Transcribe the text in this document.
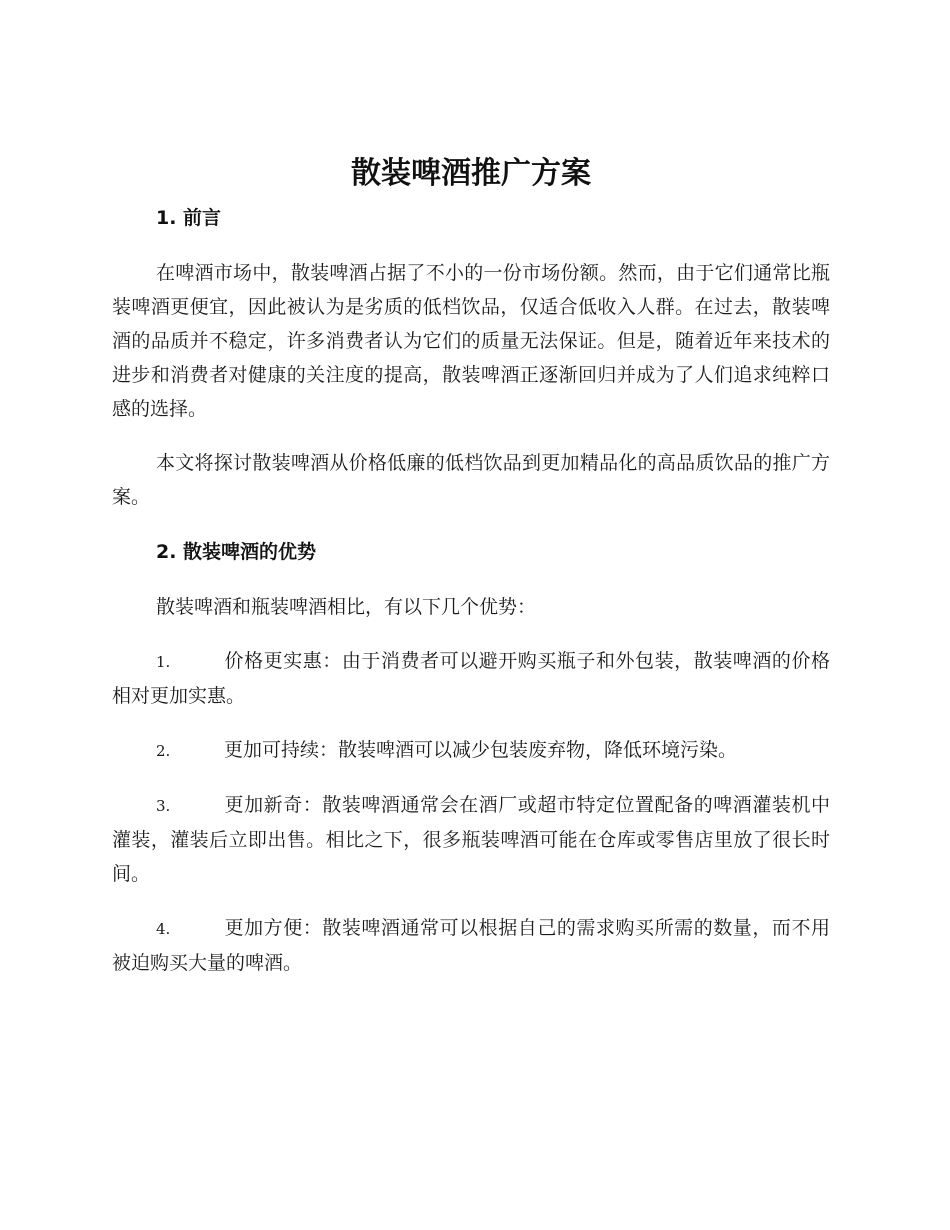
散装啤酒推广方案
1. 前言

在啤酒市场中，散装啤酒占据了不小的一份市场份额。然而，由于它们通常比瓶装啤酒更便宜，因此被认为是劣质的低档饮品，仅适合低收入人群。在过去，散装啤酒的品质并不稳定，许多消费者认为它们的质量无法保证。但是，随着近年来技术的进步和消费者对健康的关注度的提高，散装啤酒正逐渐回归并成为了人们追求纯粹口感的选择。

本文将探讨散装啤酒从价格低廉的低档饮品到更加精品化的高品质饮品的推广方案。

2. 散装啤酒的优势

散装啤酒和瓶装啤酒相比，有以下几个优势：

1.	价格更实惠：由于消费者可以避开购买瓶子和外包装，散装啤酒的价格相对更加实惠。

2.	更加可持续：散装啤酒可以减少包装废弃物，降低环境污染。

3.	更加新奇：散装啤酒通常会在酒厂或超市特定位置配备的啤酒灌装机中灌装，灌装后立即出售。相比之下，很多瓶装啤酒可能在仓库或零售店里放了很长时间。

4.	更加方便：散装啤酒通常可以根据自己的需求购买所需的数量，而不用被迫购买大量的啤酒。
